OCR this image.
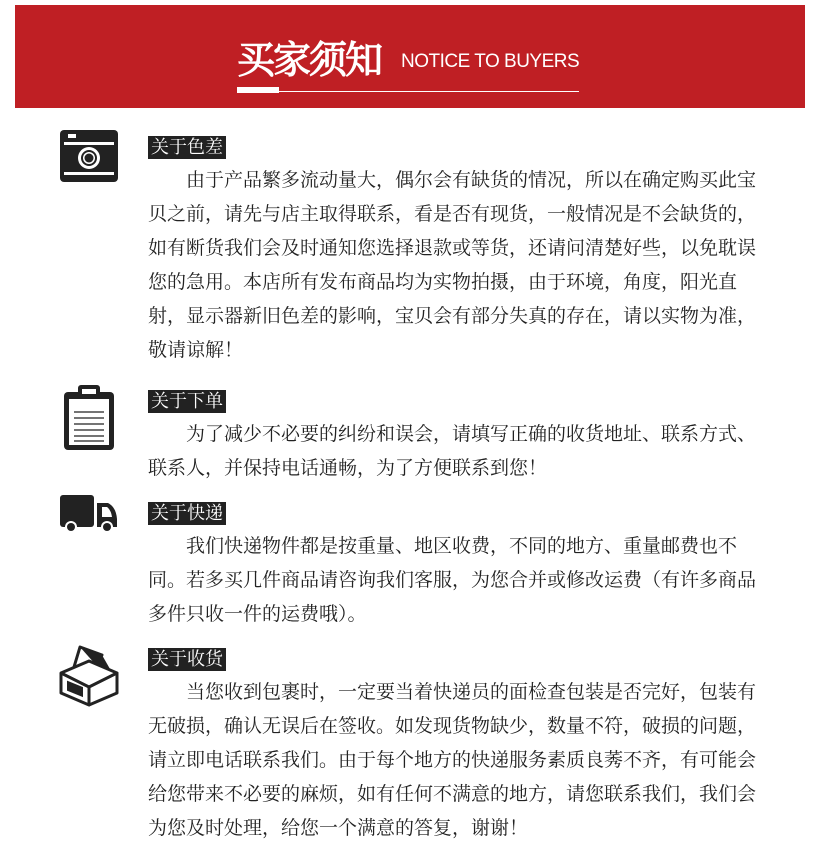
买家须知 NOTICE TO BUYERS
关于色差
由于产品繁多流动量大，偶尔会有缺货的情况，所以在确定购买此宝贝之前，请先与店主取得联系，看是否有现货，一般情况是不会缺货的，如有断货我们会及时通知您选择退款或等货，还请问清楚好些，以免耽误您的急用。本店所有发布商品均为实物拍摄，由于环境，角度，阳光直射，显示器新旧色差的影响，宝贝会有部分失真的存在，请以实物为准，敬请谅解！
关于下单
为了减少不必要的纠纷和误会，请填写正确的收货地址、联系方式、联系人，并保持电话通畅，为了方便联系到您！
关于快递
我们快递物件都是按重量、地区收费，不同的地方、重量邮费也不同。若多买几件商品请咨询我们客服，为您合并或修改运费（有许多商品多件只收一件的运费哦）。
关于收货
当您收到包裹时，一定要当着快递员的面检查包装是否完好，包装有无破损，确认无误后在签收。如发现货物缺少，数量不符，破损的问题，请立即电话联系我们。由于每个地方的快递服务素质良莠不齐，有可能会给您带来不必要的麻烦，如有任何不满意的地方，请您联系我们，我们会为您及时处理，给您一个满意的答复，谢谢！
